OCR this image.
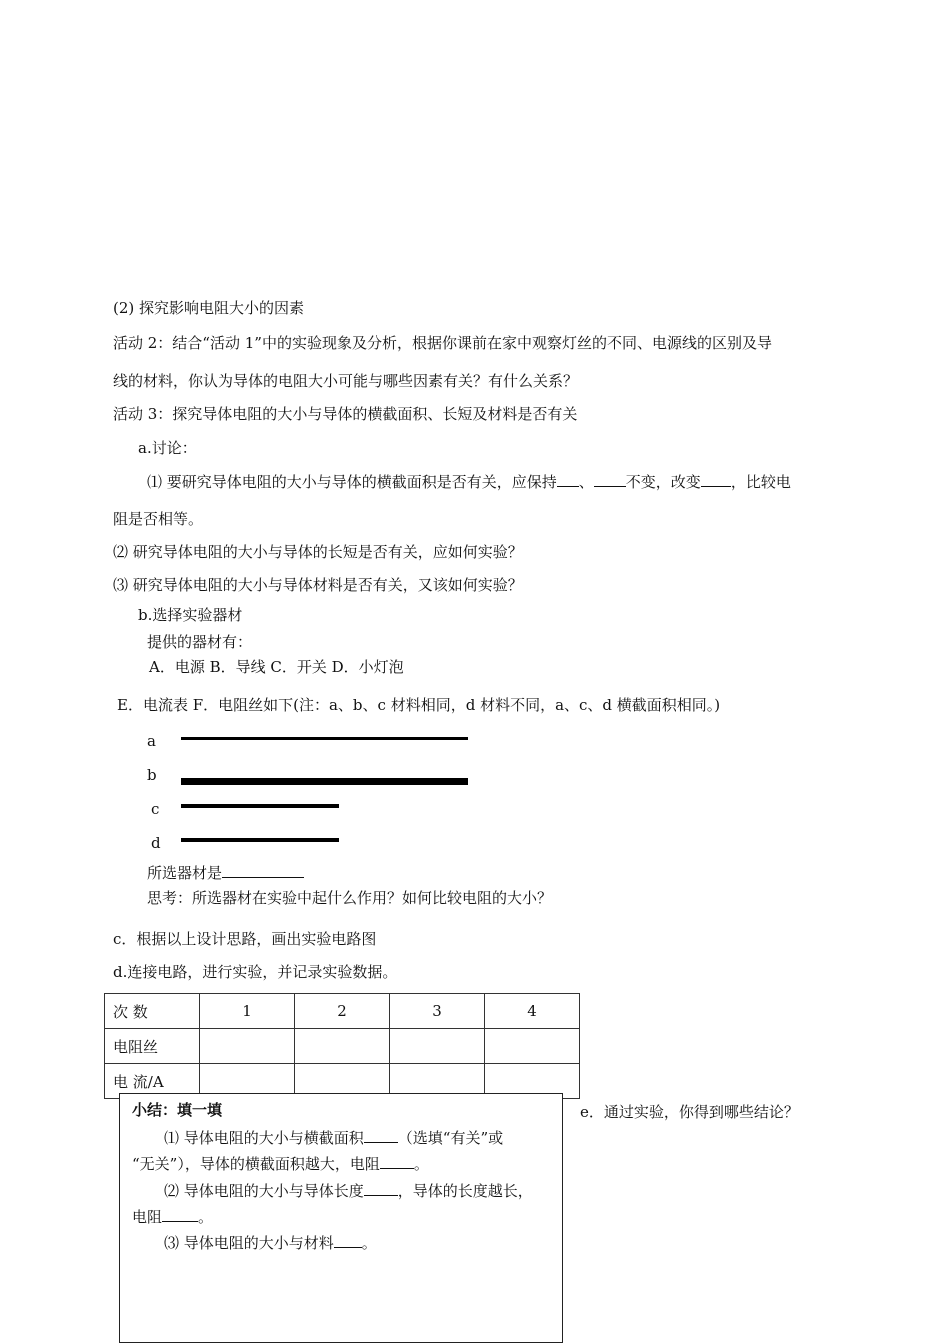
(2) 探究影响电阻大小的因素
活动 2：结合“活动 1”中的实验现象及分析，根据你课前在家中观察灯丝的不同、电源线的区别及导
线的材料，你认为导体的电阻大小可能与哪些因素有关？有什么关系？
活动 3：探究导体电阻的大小与导体的横截面积、长短及材料是否有关
a.讨论：
⑴ 要研究导体电阻的大小与导体的横截面积是否有关，应保持 、 不变，改变 ，比较电
阻是否相等。
⑵ 研究导体电阻的大小与导体的长短是否有关，应如何实验？
⑶ 研究导体电阻的大小与导体材料是否有关，又该如何实验？
b.选择实验器材
提供的器材有：
A．电源 B．导线 C．开关 D．小灯泡
E．电流表 F．电阻丝如下(注：a、b、c 材料相同，d 材料不同，a、c、d 横截面积相同。)
a
b
c
d
所选器材是
思考：所选器材在实验中起什么作用？如何比较电阻的大小？
c．根据以上设计思路，画出实验电路图
d.连接电路，进行实验，并记录实验数据。
次 数	1	2	3	4
电阻丝				
电 流/A				
小结：填一填
⑴ 导体电阻的大小与横截面积 （选填“有关”或
“无关”），导体的横截面积越大，电阻 。
⑵ 导体电阻的大小与导体长度 ，导体的长度越长，
电阻 。
⑶ 导体电阻的大小与材料 。
e．通过实验，你得到哪些结论？
